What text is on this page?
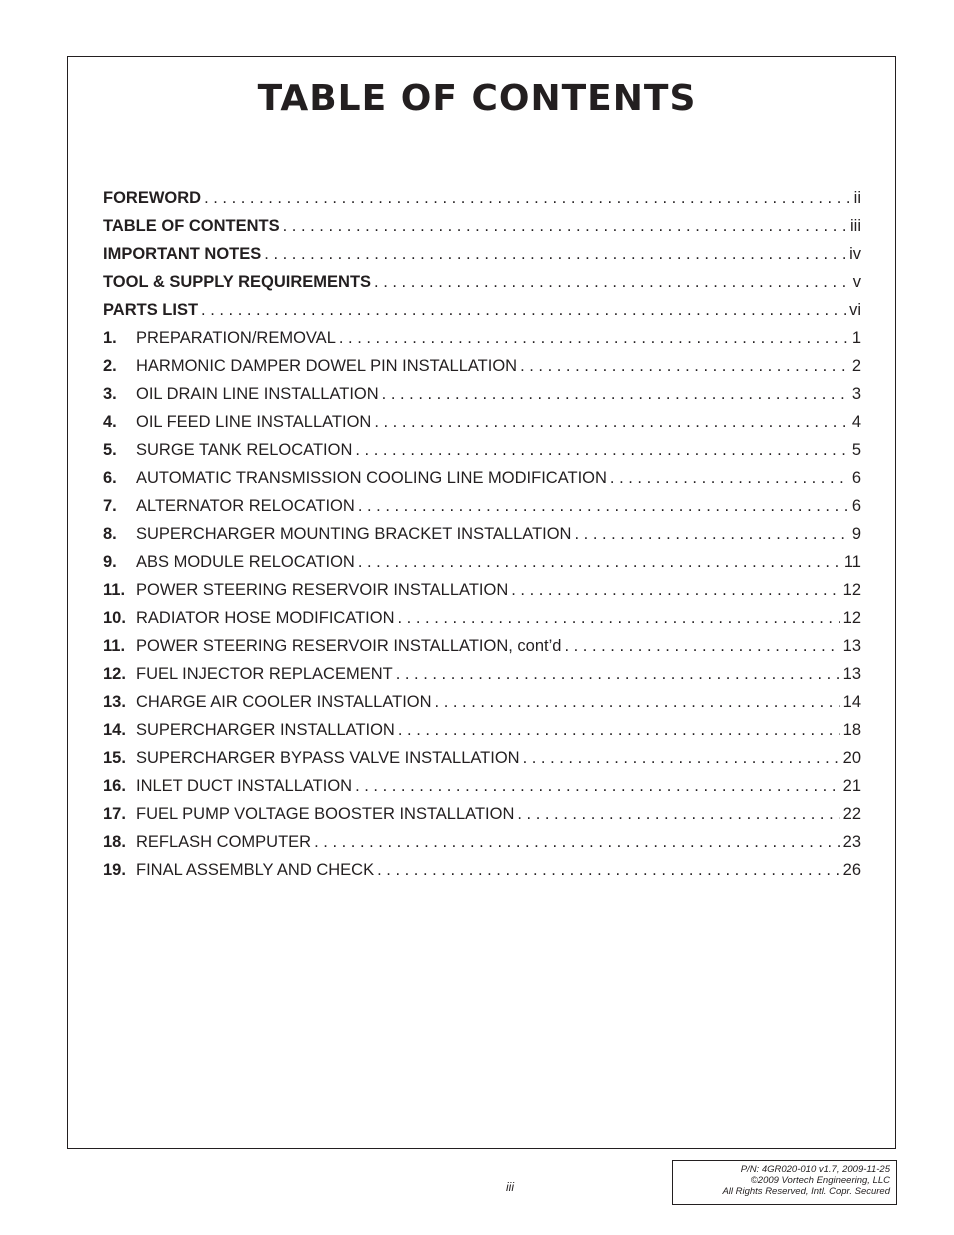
TABLE OF CONTENTS
FOREWORD . . .	ii
TABLE OF CONTENTS . . .	iii
IMPORTANT NOTES . . .	iv
TOOL & SUPPLY REQUIREMENTS . . .	v
PARTS LIST . . .	vi
1.	PREPARATION/REMOVAL . . .	1
2.	HARMONIC DAMPER DOWEL PIN INSTALLATION . . .	2
3.	OIL DRAIN LINE INSTALLATION . . .	3
4.	OIL FEED LINE INSTALLATION . . .	4
5.	SURGE TANK RELOCATION . . .	5
6.	AUTOMATIC TRANSMISSION COOLING LINE MODIFICATION . . .	6
7.	ALTERNATOR RELOCATION . . .	6
8.	SUPERCHARGER MOUNTING BRACKET INSTALLATION . . .	9
9.	ABS MODULE RELOCATION . . .	11
11. POWER STEERING RESERVOIR INSTALLATION . . .	12
10. RADIATOR HOSE MODIFICATION . . .	12
11. POWER STEERING RESERVOIR INSTALLATION, cont’d . . .	13
12. FUEL INJECTOR REPLACEMENT . . .	13
13. CHARGE AIR COOLER INSTALLATION . . .	14
14. SUPERCHARGER INSTALLATION . . .	18
15. SUPERCHARGER BYPASS VALVE INSTALLATION . . .	20
16. INLET DUCT INSTALLATION . . .	21
17. FUEL PUMP VOLTAGE BOOSTER INSTALLATION . . .	22
18. REFLASH COMPUTER . . .	23
19. FINAL ASSEMBLY AND CHECK . . .	26
iii
P/N: 4GR020-010 v1.7, 2009-11-25
©2009 Vortech Engineering, LLC
All Rights Reserved, Intl. Copr. Secured
